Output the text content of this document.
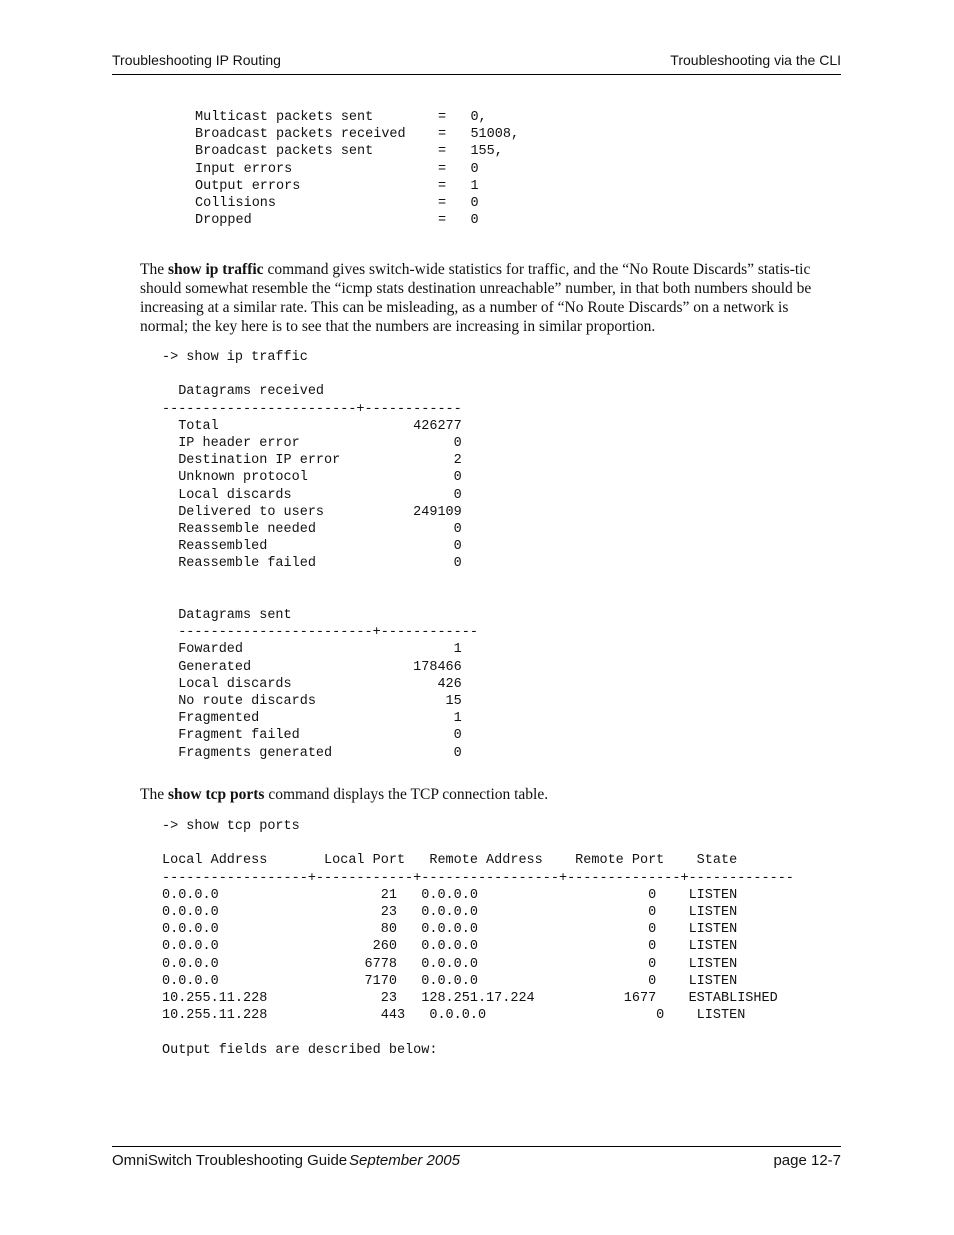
Troubleshooting IP Routing	Troubleshooting via the CLI
Multicast packets sent        =   0,
Broadcast packets received    =   51008,
Broadcast packets sent        =   155,
Input errors                  =   0
Output errors                 =   1
Collisions                    =   0
Dropped                       =   0

The show ip traffic command gives switch-wide statistics for traffic, and the “No Route Discards” statis-tic should somewhat resemble the “icmp stats destination unreachable” number, in that both numbers should be increasing at a similar rate. This can be misleading, as a number of “No Route Discards” on a network is normal; the key here is to see that the numbers are increasing in similar proportion.

-> show ip traffic

Datagrams received
------------------------+------------
Total                        426277
IP header error                   0
Destination IP error              2
Unknown protocol                  0
Local discards                    0
Delivered to users           249109
Reassemble needed                 0
Reassembled                       0
Reassemble failed                 0

Datagrams sent
------------------------+------------
Fowarded                          1
Generated                    178466
Local discards                  426
No route discards                15
Fragmented                        1
Fragment failed                   0
Fragments generated               0

The show tcp ports command displays the TCP connection table.

-> show tcp ports

Local Address       Local Port   Remote Address    Remote Port    State
------------------+------------+-----------------+--------------+-------------
0.0.0.0                    21   0.0.0.0                     0    LISTEN
0.0.0.0                    23   0.0.0.0                     0    LISTEN
0.0.0.0                    80   0.0.0.0                     0    LISTEN
0.0.0.0                   260   0.0.0.0                     0    LISTEN
0.0.0.0                  6778   0.0.0.0                     0    LISTEN
0.0.0.0                  7170   0.0.0.0                     0    LISTEN
10.255.11.228              23   128.251.17.224           1677    ESTABLISHED
10.255.11.228              443   0.0.0.0                     0    LISTEN

Output fields are described below:

OmniSwitch Troubleshooting Guide September 2005	page 12-7
